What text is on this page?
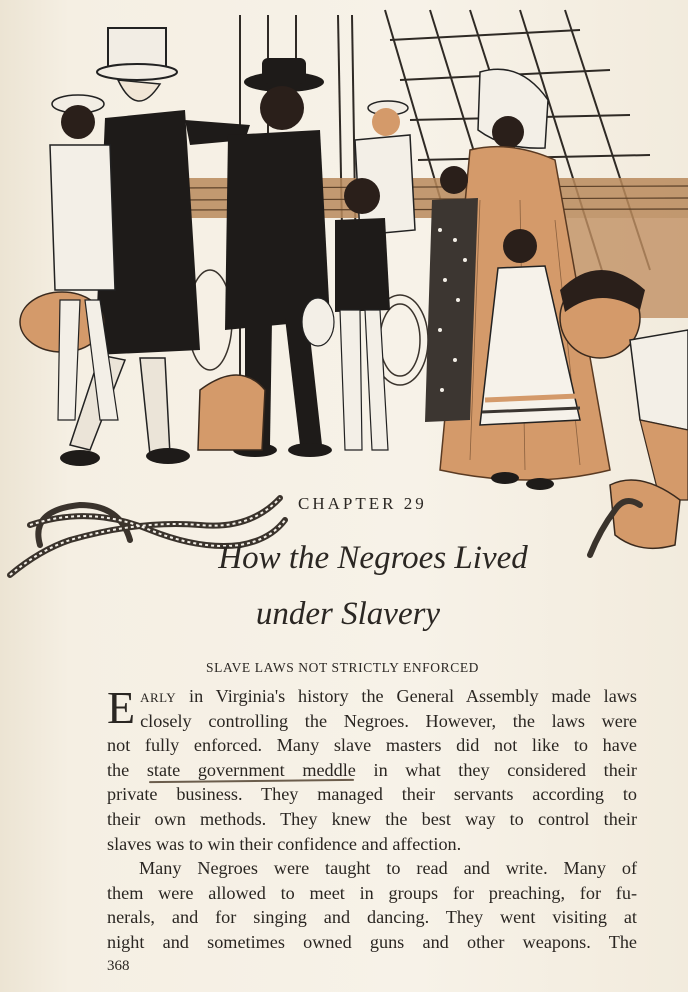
CHAPTER 29
How the Negroes Lived
under Slavery
SLAVE LAWS NOT STRICTLY ENFORCED
E arly in Virginia's history the General Assembly made laws
closely controlling the Negroes. However, the laws were
not fully enforced. Many slave masters did not like to have
the state government meddle in what they considered their
private business. They managed their servants according to
their own methods. They knew the best way to control their
slaves was to win their confidence and affection.
Many Negroes were taught to read and write. Many of
them were allowed to meet in groups for preaching, for fu-
nerals, and for singing and dancing. They went visiting at
night and sometimes owned guns and other weapons. The
368
